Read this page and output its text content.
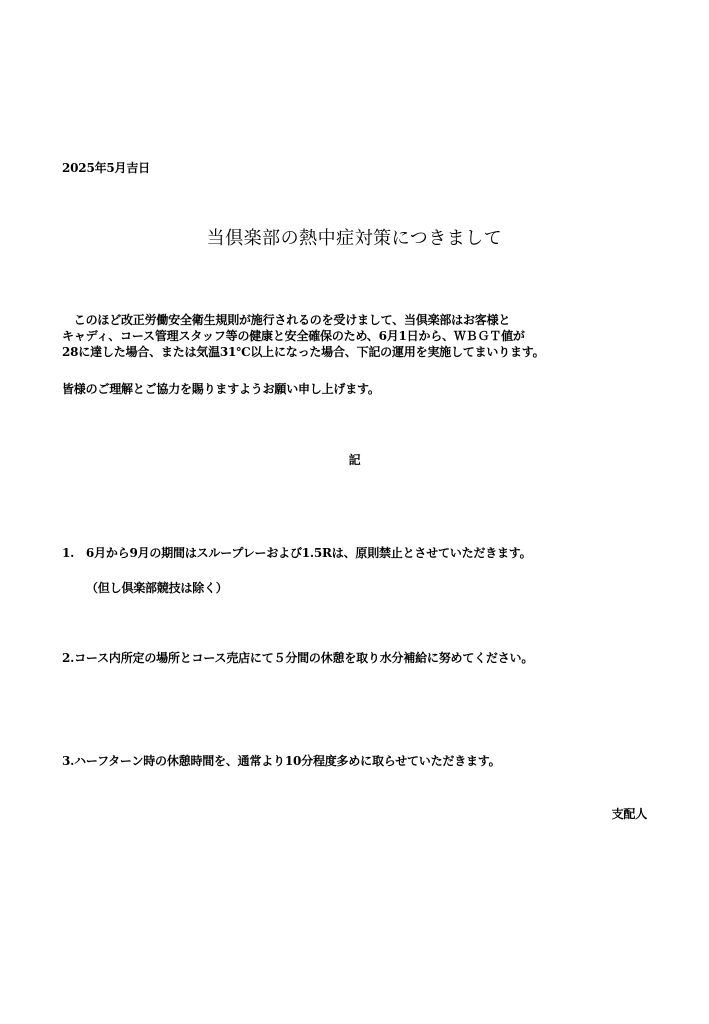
2025年5月吉日
当倶楽部の熱中症対策につきまして
　このほど改正労働安全衛生規則が施行されるのを受けまして、当倶楽部はお客様と
キャディ、コース管理スタッフ等の健康と安全確保のため、6月1日から、ＷＢＧＴ値が
28に達した場合、または気温31℃以上になった場合、下記の運用を実施してまいります。
皆様のご理解とご協力を賜りますようお願い申し上げます。
記
1.　6月から9月の期間はスループレーおよび1.5Rは、原則禁止とさせていただきます。
（但し倶楽部競技は除く）
2.コース内所定の場所とコース売店にて５分間の休憩を取り水分補給に努めてください。
3.ハーフターン時の休憩時間を、通常より10分程度多めに取らせていただきます。
支配人
